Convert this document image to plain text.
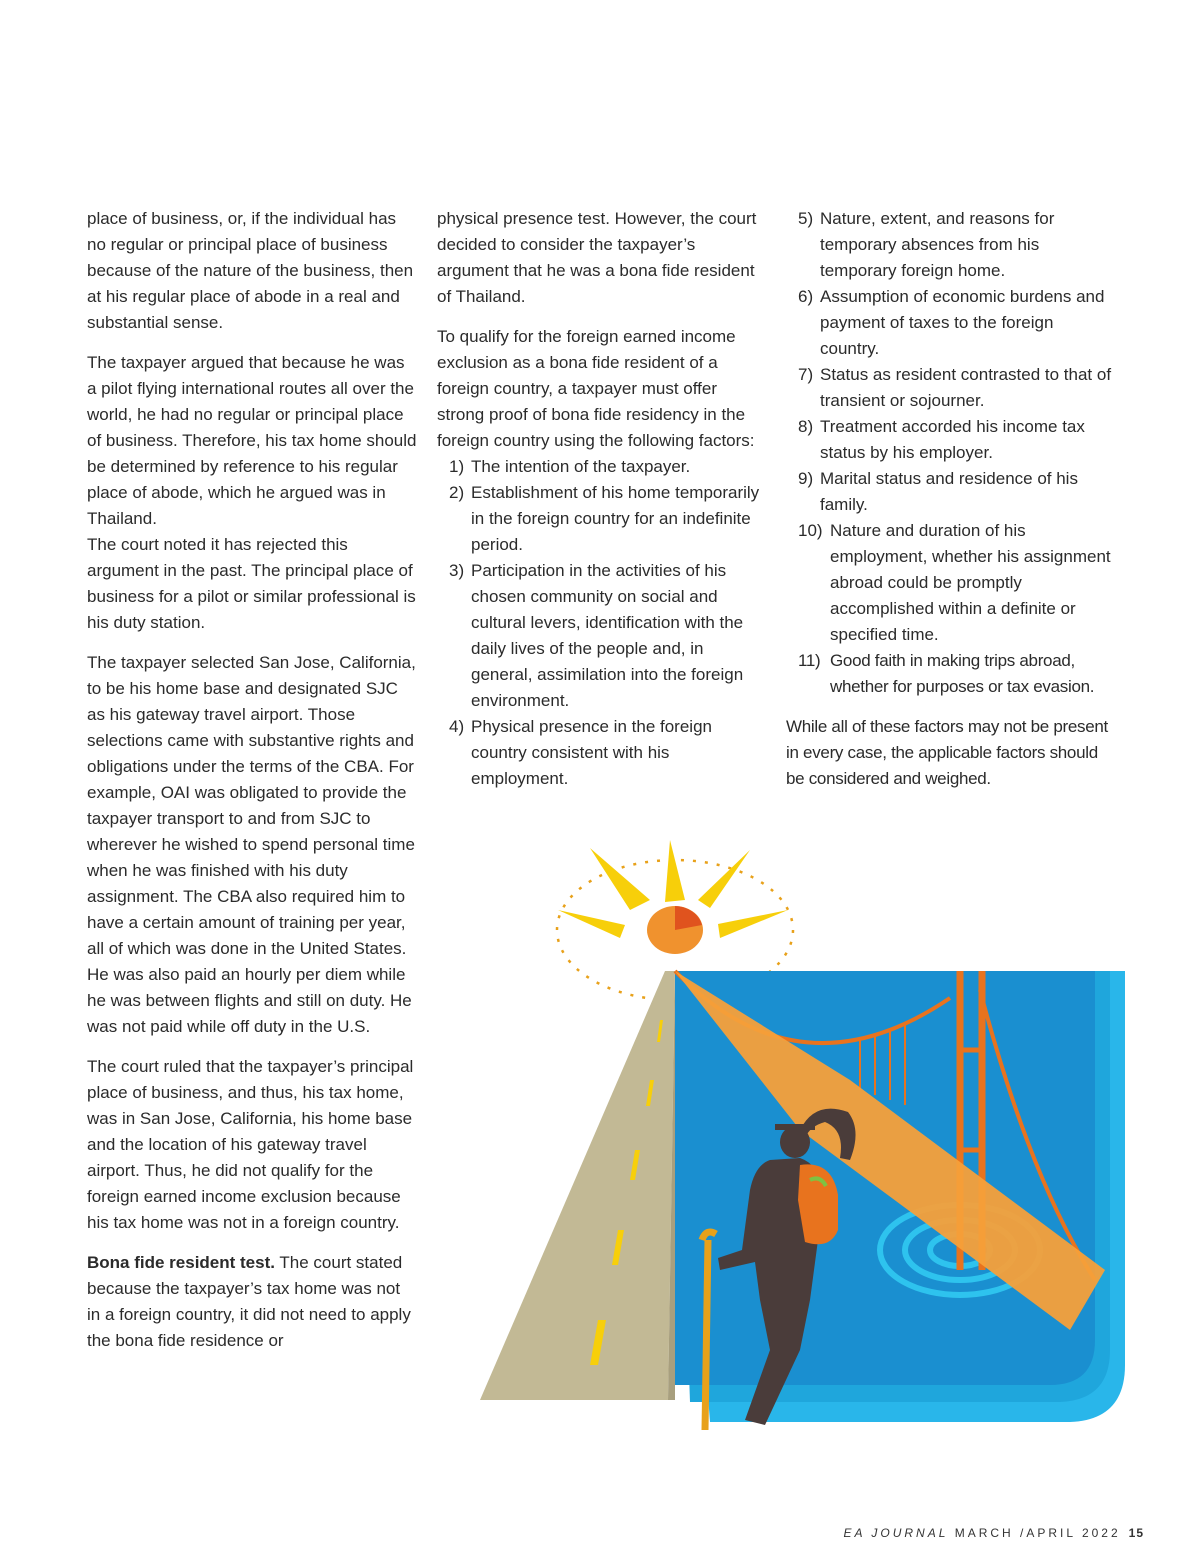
place of business, or, if the individual has no regular or principal place of business because of the nature of the business, then at his regular place of abode in a real and substantial sense.

The taxpayer argued that because he was a pilot flying international routes all over the world, he had no regular or principal place of business. Therefore, his tax home should be determined by reference to his regular place of abode, which he argued was in Thailand.
The court noted it has rejected this argument in the past. The principal place of business for a pilot or similar professional is his duty station.

The taxpayer selected San Jose, California, to be his home base and designated SJC as his gateway travel airport. Those selections came with substantive rights and obligations under the terms of the CBA. For example, OAI was obligated to provide the taxpayer transport to and from SJC to wherever he wished to spend personal time when he was finished with his duty assignment. The CBA also required him to have a certain amount of training per year, all of which was done in the United States. He was also paid an hourly per diem while he was between flights and still on duty. He was not paid while off duty in the U.S.

The court ruled that the taxpayer’s principal place of business, and thus, his tax home, was in San Jose, California, his home base and the location of his gateway travel airport. Thus, he did not qualify for the foreign earned income exclusion because his tax home was not in a foreign country.

Bona fide resident test. The court stated because the taxpayer’s tax home was not in a foreign country, it did not need to apply the bona fide residence or

physical presence test. However, the court decided to consider the taxpayer’s argument that he was a bona fide resident of Thailand.

To qualify for the foreign earned income exclusion as a bona fide resident of a foreign country, a taxpayer must offer strong proof of bona fide residency in the foreign country using the following factors:

1) The intention of the taxpayer.
2) Establishment of his home temporarily in the foreign country for an indefinite period.
3) Participation in the activities of his chosen community on social and cultural levers, identification with the daily lives of the people and, in general, assimilation into the foreign environment.
4) Physical presence in the foreign country consistent with his employment.
5) Nature, extent, and reasons for temporary absences from his temporary foreign home.
6) Assumption of economic burdens and payment of taxes to the foreign country.
7) Status as resident contrasted to that of transient or sojourner.
8) Treatment accorded his income tax status by his employer.
9) Marital status and residence of his family.
10) Nature and duration of his employment, whether his assignment abroad could be promptly accomplished within a definite or specified time.
11) Good faith in making trips abroad, whether for purposes or tax evasion.

While all of these factors may not be present in every case, the applicable factors should be considered and weighed.

EA JOURNAL MARCH /APRIL 2022 15
